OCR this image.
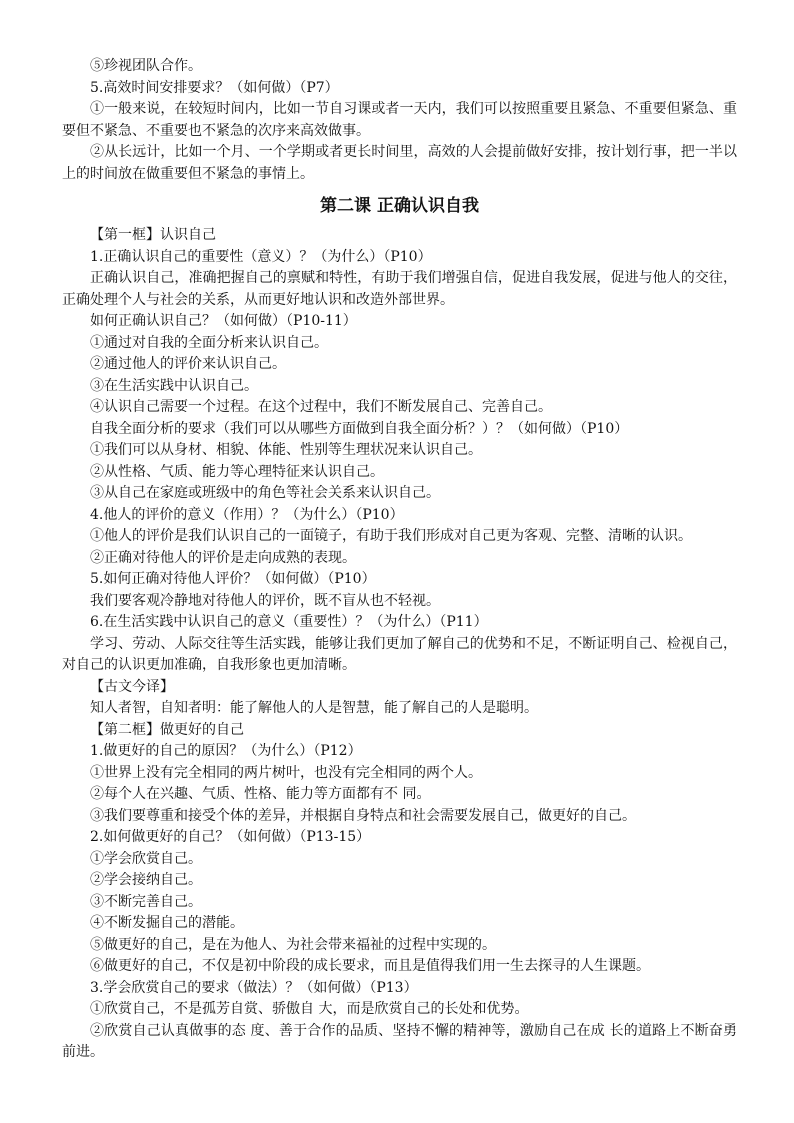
⑤珍视团队合作。

5.高效时间安排要求？（如何做）（P7）

①一般来说，在较短时间内，比如一节自习课或者一天内，我们可以按照重要且紧急、不重要但紧急、重要但不紧急、不重要也不紧急的次序来高效做事。

②从长远计，比如一个月、一个学期或者更长时间里，高效的人会提前做好安排，按计划行事，把一半以上的时间放在做重要但不紧急的事情上。

第二课 正确认识自我

【第一框】认识自己

1.正确认识自己的重要性（意义）？（为什么）（P10）

正确认识自己，准确把握自己的禀赋和特性，有助于我们增强自信，促进自我发展，促进与他人的交往，正确处理个人与社会的关系，从而更好地认识和改造外部世界。

如何正确认识自己？（如何做）（P10-11）

①通过对自我的全面分析来认识自己。

②通过他人的评价来认识自己。

③在生活实践中认识自己。

④认识自己需要一个过程。在这个过程中，我们不断发展自己、完善自己。

自我全面分析的要求（我们可以从哪些方面做到自我全面分析？）？（如何做）（P10）

①我们可以从身材、相貌、体能、性别等生理状况来认识自己。

②从性格、气质、能力等心理特征来认识自己。

③从自己在家庭或班级中的角色等社会关系来认识自己。

4.他人的评价的意义（作用）？（为什么）（P10）

①他人的评价是我们认识自己的一面镜子，有助于我们形成对自己更为客观、完整、清晰的认识。

②正确对待他人的评价是走向成熟的表现。

5.如何正确对待他人评价？（如何做）（P10）

我们要客观冷静地对待他人的评价，既不盲从也不轻视。

6.在生活实践中认识自己的意义（重要性）？（为什么）（P11）

学习、劳动、人际交往等生活实践，能够让我们更加了解自己的优势和不足，不断证明自己、检视自己，对自己的认识更加准确，自我形象也更加清晰。

【古文今译】

知人者智，自知者明：能了解他人的人是智慧，能了解自己的人是聪明。

【第二框】做更好的自己

1.做更好的自己的原因？（为什么）（P12）

①世界上没有完全相同的两片树叶，也没有完全相同的两个人。

②每个人在兴趣、气质、性格、能力等方面都有不 同。

③我们要尊重和接受个体的差异，并根据自身特点和社会需要发展自己，做更好的自己。

2.如何做更好的自己？（如何做）（P13-15）

①学会欣赏自己。

②学会接纳自己。

③不断完善自己。

④不断发掘自己的潜能。

⑤做更好的自己，是在为他人、为社会带来福祉的过程中实现的。

⑥做更好的自己，不仅是初中阶段的成长要求，而且是值得我们用一生去探寻的人生课题。

3.学会欣赏自己的要求（做法）？（如何做）（P13）

①欣赏自己，不是孤芳自赏、骄傲自 大，而是欣赏自己的长处和优势。

②欣赏自己认真做事的态 度、善于合作的品质、坚持不懈的精神等，激励自己在成 长的道路上不断奋勇前进。
